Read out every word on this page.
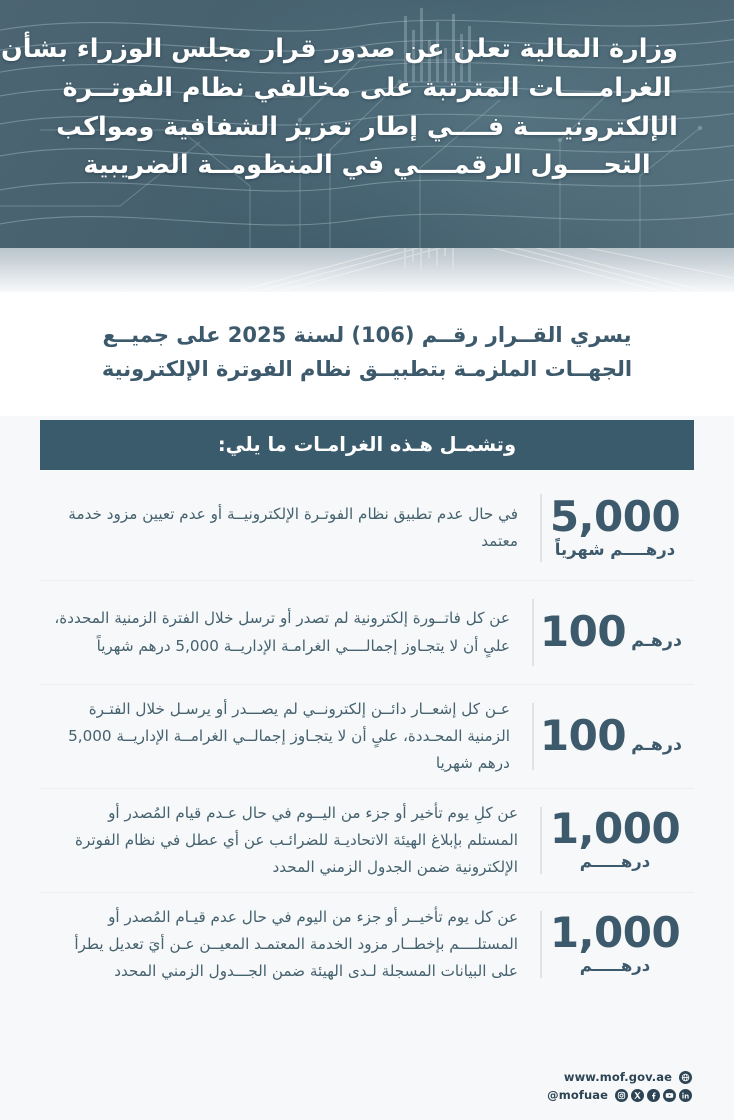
وزارة المالية تعلن عن صدور قرار مجلس الوزراء بشأن
الغرامــــات المترتبة على مخالفي نظام الفوتــرة
الإلكترونيــــة فــــي إطار تعزيز الشفافية ومواكب
التحــــول الرقمــــي في المنظومــة الضريبية
يسري القــرار رقــم (106) لسنة 2025 على جميــع
الجهــات الملزمـة بتطبيــق نظام الفوترة الإلكترونية
وتشمـل هـذه الغرامـات ما يلي:
5,000
درهــــم شهرياً
في حال عدم تطبيق نظام الفوتـرة الإلكترونيــة أو عدم تعيين مزود خدمة معتمد
درهـم
100
عن كل فاتــورة إلكترونية لم تصدر أو ترسل خلال الفترة الزمنية المحددة، علىٍ أن لا يتجـاوز إجمالــــي الغرامـة الإداريــة 5,000 درهم شهرياً
درهـم
100
عـن كل إشعــار دائــن إلكترونــي لم يصـــدر أو يرسـل خلال الفتـرة الزمنية المحـددة، علىٍ أن لا يتجـاوز إجمالــي الغرامــة الإداريــة 5,000 درهم شهريا
1,000
درهـــــم
عن كلِ يوم تأخير أو جزء من اليــوم في حال عـدم قيام المُصدر أو المستلم بإبلاغ الهيئة الاتحاديـة للضرائـب عن أي عطل في نظام الفوترة الإلكترونية ضمن الجدول الزمني المحدد
1,000
درهـــــم
عن كل يوم تأخيــر أو جزء من اليوم في حال عدم قيـام المُصدر أو المستلــــم بإخطــار مزود الخدمة المعتمـد المعيــن عـن أيَ تعديل يطرأ على البيانات المسجلة لـدى الهيئة ضمن الجـــدول الزمني المحدد
www.mof.gov.ae
@mofuae
